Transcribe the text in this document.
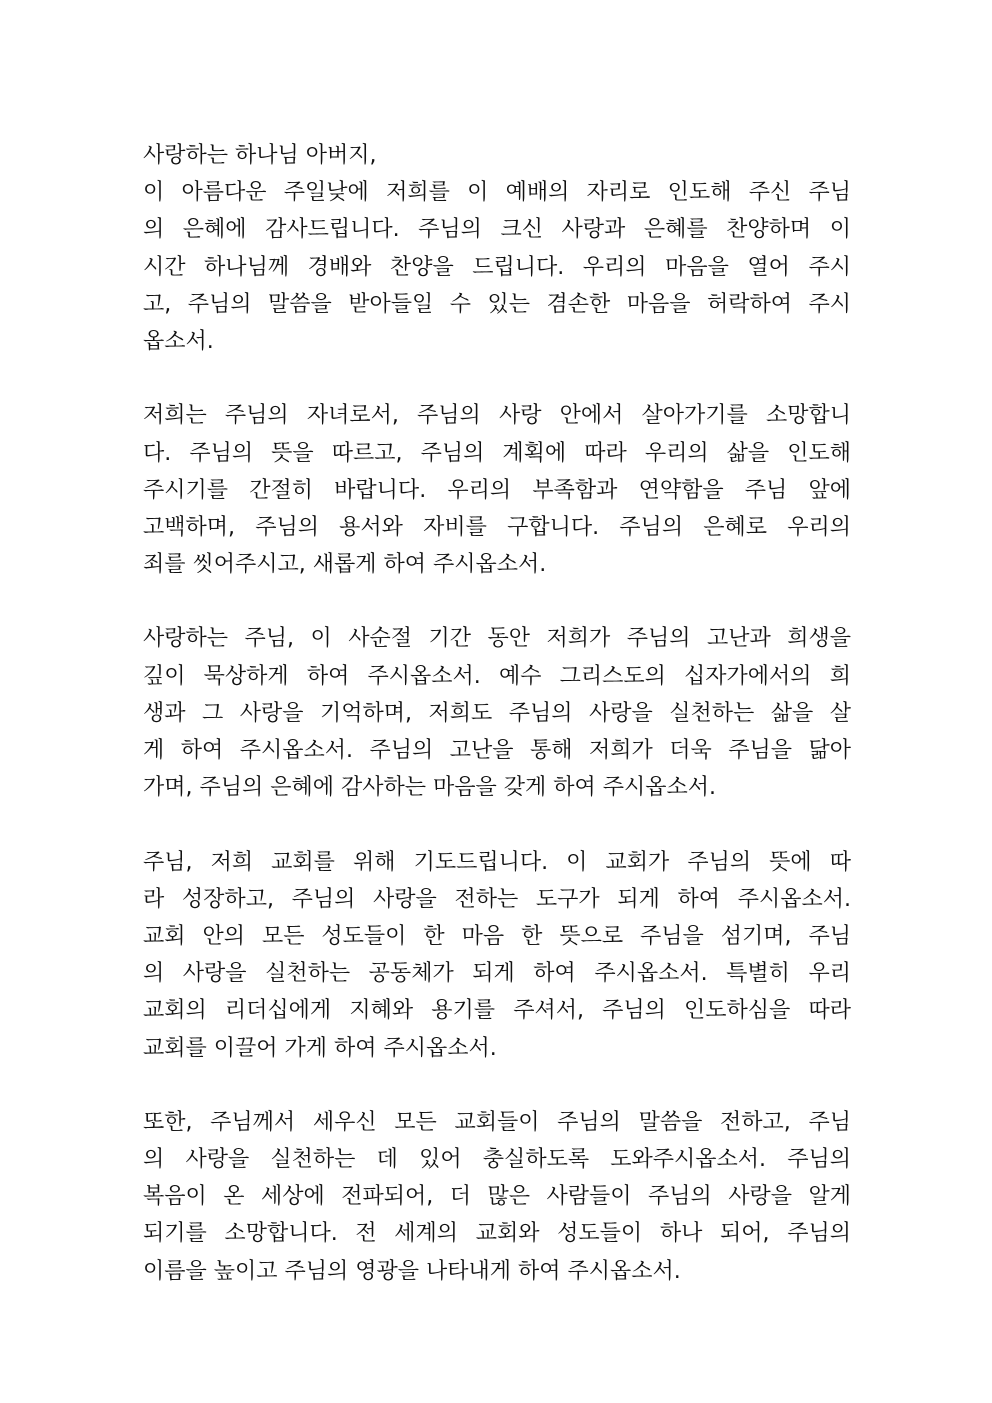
사랑하는 하나님 아버지,
이 아름다운 주일낮에 저희를 이 예배의 자리로 인도해 주신 주님
의 은혜에 감사드립니다. 주님의 크신 사랑과 은혜를 찬양하며 이
시간 하나님께 경배와 찬양을 드립니다. 우리의 마음을 열어 주시
고, 주님의 말씀을 받아들일 수 있는 겸손한 마음을 허락하여 주시
옵소서.
저희는 주님의 자녀로서, 주님의 사랑 안에서 살아가기를 소망합니
다. 주님의 뜻을 따르고, 주님의 계획에 따라 우리의 삶을 인도해
주시기를 간절히 바랍니다. 우리의 부족함과 연약함을 주님 앞에
고백하며, 주님의 용서와 자비를 구합니다. 주님의 은혜로 우리의
죄를 씻어주시고, 새롭게 하여 주시옵소서.
사랑하는 주님, 이 사순절 기간 동안 저희가 주님의 고난과 희생을
깊이 묵상하게 하여 주시옵소서. 예수 그리스도의 십자가에서의 희
생과 그 사랑을 기억하며, 저희도 주님의 사랑을 실천하는 삶을 살
게 하여 주시옵소서. 주님의 고난을 통해 저희가 더욱 주님을 닮아
가며, 주님의 은혜에 감사하는 마음을 갖게 하여 주시옵소서.
주님, 저희 교회를 위해 기도드립니다. 이 교회가 주님의 뜻에 따
라 성장하고, 주님의 사랑을 전하는 도구가 되게 하여 주시옵소서.
교회 안의 모든 성도들이 한 마음 한 뜻으로 주님을 섬기며, 주님
의 사랑을 실천하는 공동체가 되게 하여 주시옵소서. 특별히 우리
교회의 리더십에게 지혜와 용기를 주셔서, 주님의 인도하심을 따라
교회를 이끌어 가게 하여 주시옵소서.
또한, 주님께서 세우신 모든 교회들이 주님의 말씀을 전하고, 주님
의 사랑을 실천하는 데 있어 충실하도록 도와주시옵소서. 주님의
복음이 온 세상에 전파되어, 더 많은 사람들이 주님의 사랑을 알게
되기를 소망합니다. 전 세계의 교회와 성도들이 하나 되어, 주님의
이름을 높이고 주님의 영광을 나타내게 하여 주시옵소서.
